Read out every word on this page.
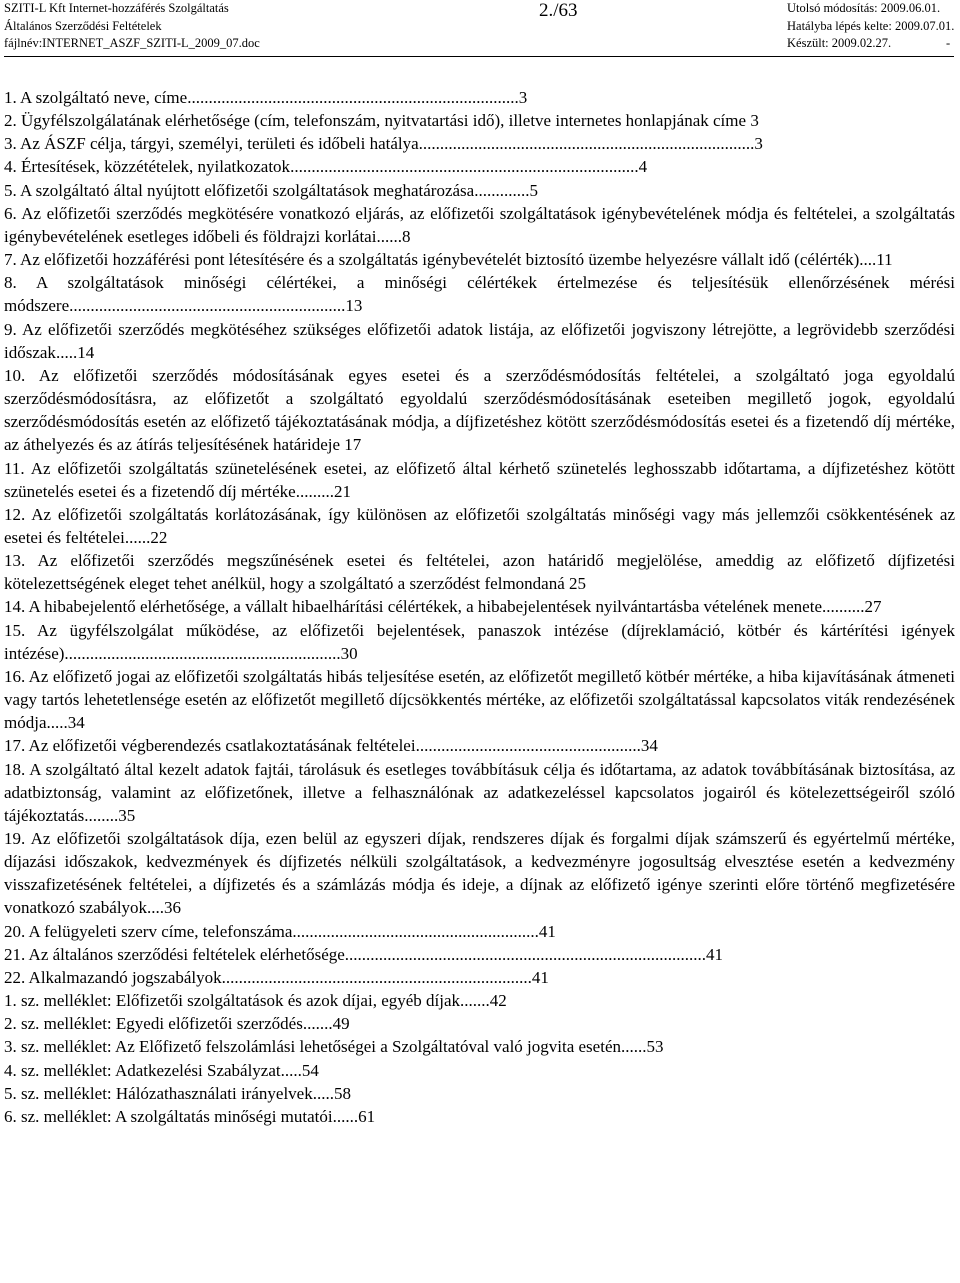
SZITI-L Kft Internet-hozzáférés Szolgáltatás	2./63	Utolsó módosítás: 2009.06.01.
Általános Szerződési Feltételek	Hatályba lépés kelte: 2009.07.01.
fájlnév:INTERNET_ASZF_SZITI-L_2009_07.doc	Készült: 2009.02.27.	-
1. A szolgáltató neve, címe..............................................................................3
2. Ügyfélszolgálatának elérhetősége (cím, telefonszám, nyitvatartási idő), illetve internetes honlapjának címe 3
3. Az ÁSZF célja, tárgyi, személyi, területi és időbeli hatálya...............................................................................3
4. Értesítések, közzétételek, nyilatkozatok..................................................................................4
5. A szolgáltató által nyújtott előfizetői szolgáltatások meghatározása.............5
6. Az előfizetői szerződés megkötésére vonatkozó eljárás, az előfizetői szolgáltatások igénybevételének módja és feltételei, a szolgáltatás igénybevételének esetleges időbeli és földrajzi korlátai......8
7. Az előfizetői hozzáférési pont létesítésére és a szolgáltatás igénybevételét biztosító üzembe helyezésre vállalt idő (célérték)....11
8. A szolgáltatások minőségi célértékei, a minőségi célértékek értelmezése és teljesítésük ellenőrzésének mérési módszere.................................................................13
9. Az előfizetői szerződés megkötéséhez szükséges előfizetői adatok listája, az előfizetői jogviszony létrejötte, a legrövidebb szerződési időszak.....14
10. Az előfizetői szerződés módosításának egyes esetei és a szerződésmódosítás feltételei, a szolgáltató joga egyoldalú szerződésmódosításra, az előfizetőt a szolgáltató egyoldalú szerződésmódosításának eseteiben megillető jogok, egyoldalú szerződésmódosítás esetén az előfizető tájékoztatásának módja, a díjfizetéshez kötött szerződésmódosítás esetei és a fizetendő díj mértéke, az áthelyezés és az átírás teljesítésének határideje 17
11. Az előfizetői szolgáltatás szünetelésének esetei, az előfizető által kérhető szünetelés leghosszabb időtartama, a díjfizetéshez kötött szünetelés esetei és a fizetendő díj mértéke.........21
12. Az előfizetői szolgáltatás korlátozásának, így különösen az előfizetői szolgáltatás minőségi vagy más jellemzői csökkentésének az esetei és feltételei......22
13. Az előfizetői szerződés megszűnésének esetei és feltételei, azon határidő megjelölése, ameddig az előfizető díjfizetési kötelezettségének eleget tehet anélkül, hogy a szolgáltató a szerződést felmondaná 25
14. A hibabejelentő elérhetősége, a vállalt hibaelhárítási célértékek, a hibabejelentések nyilvántartásba vételének menete..........27
15. Az ügyfélszolgálat működése, az előfizetői bejelentések, panaszok intézése (díjreklamáció, kötbér és kártérítési igények intézése).................................................................30
16. Az előfizető jogai az előfizetői szolgáltatás hibás teljesítése esetén, az előfizetőt megillető kötbér mértéke, a hiba kijavításának átmeneti vagy tartós lehetetlensége esetén az előfizetőt megillető díjcsökkentés mértéke, az előfizetői szolgáltatással kapcsolatos viták rendezésének módja.....34
17. Az előfizetői végberendezés csatlakoztatásának feltételei.....................................................34
18. A szolgáltató által kezelt adatok fajtái, tárolásuk és esetleges továbbításuk célja és időtartama, az adatok továbbításának biztosítása, az adatbiztonság, valamint az előfizetőnek, illetve a felhasználónak az adatkezeléssel kapcsolatos jogairól és kötelezettségeiről szóló tájékoztatás........35
19. Az előfizetői szolgáltatások díja, ezen belül az egyszeri díjak, rendszeres díjak és forgalmi díjak számszerű és egyértelmű mértéke, díjazási időszakok, kedvezmények és díjfizetés nélküli szolgáltatások, a kedvezményre jogosultság elvesztése esetén a kedvezmény visszafizetésének feltételei, a díjfizetés és a számlázás módja és ideje, a díjnak az előfizető igénye szerinti előre történő megfizetésére vonatkozó szabályok....36
20. A felügyeleti szerv címe, telefonszáma..........................................................41
21. Az általános szerződési feltételek elérhetősége.....................................................................................41
22. Alkalmazandó jogszabályok.........................................................................41
1. sz. melléklet: Előfizetői szolgáltatások és azok díjai, egyéb díjak.......42
2. sz. melléklet: Egyedi előfizetői szerződés.......49
3. sz. melléklet: Az Előfizető felszolámlási lehetőségei a Szolgáltatóval való jogvita esetén......53
4. sz. melléklet: Adatkezelési Szabályzat.....54
5. sz. melléklet: Hálózathasználati irányelvek.....58
6. sz. melléklet: A szolgáltatás minőségi mutatói......61
